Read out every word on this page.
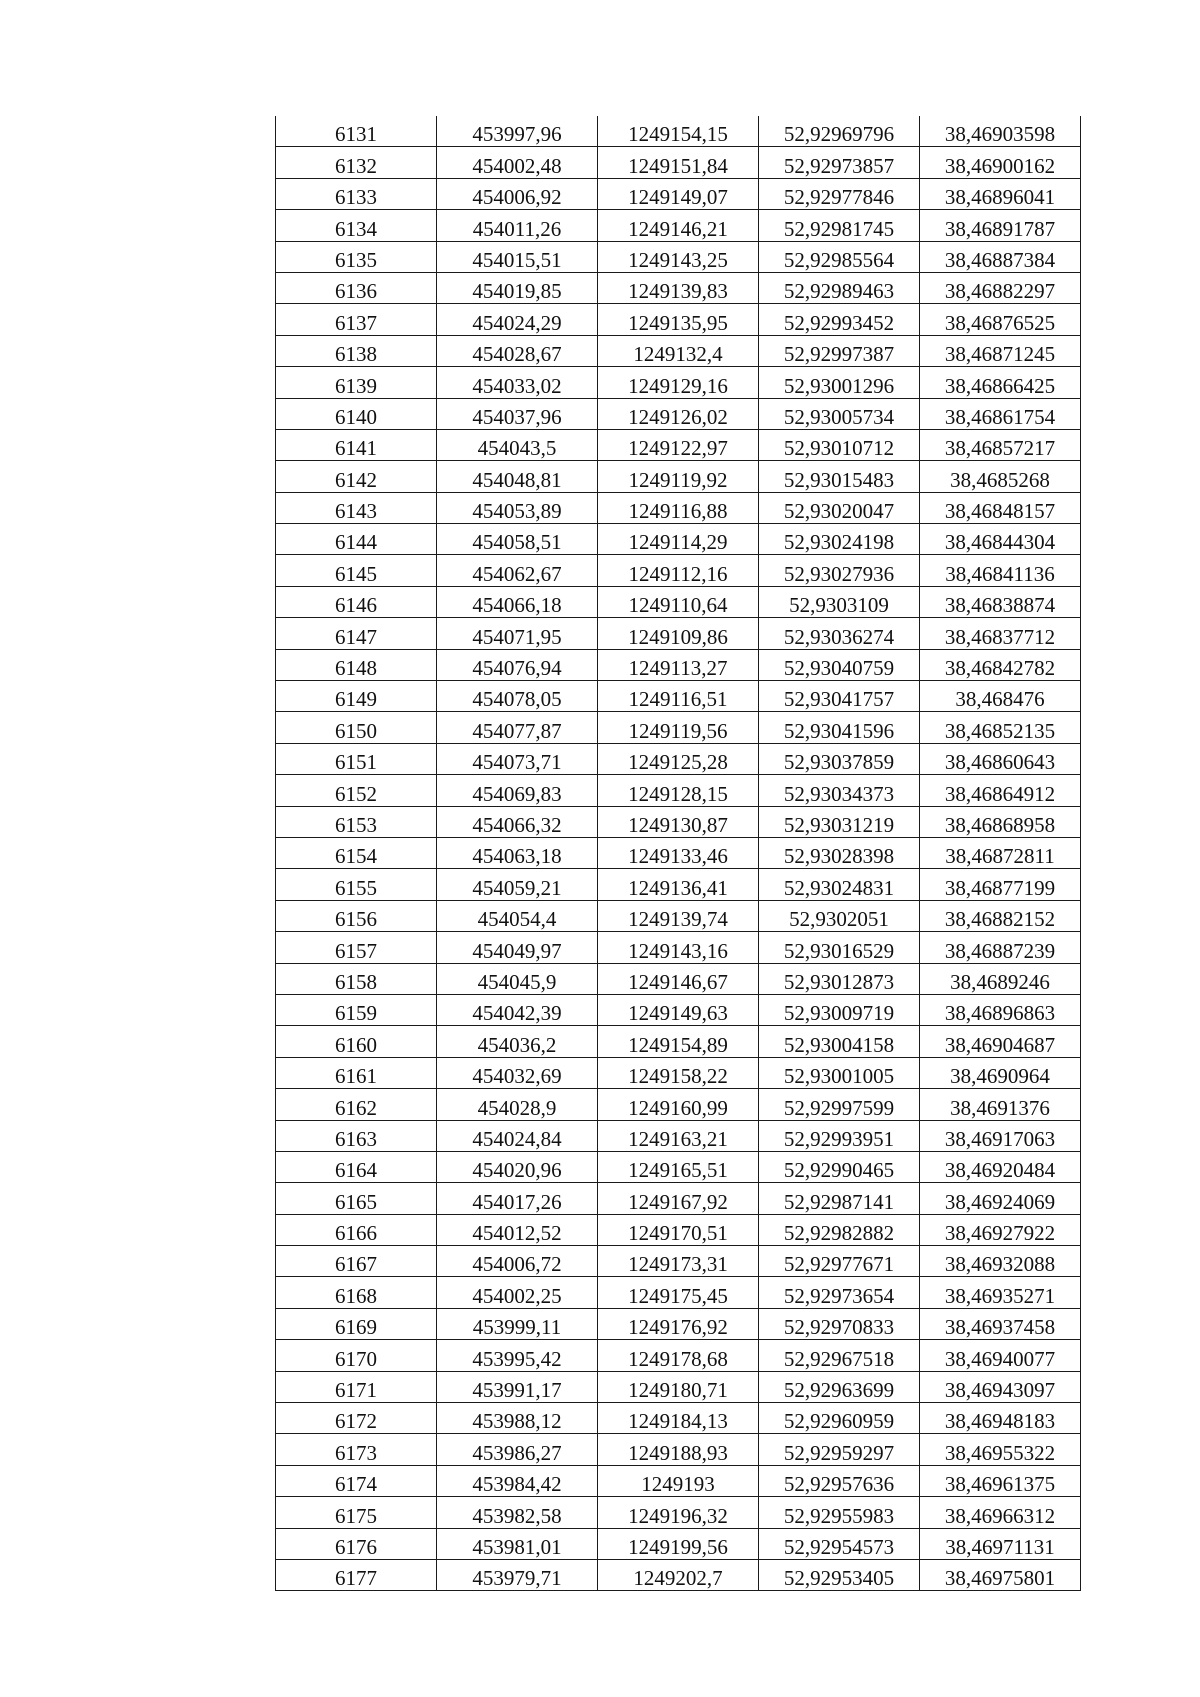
6131	453997,96	1249154,15	52,92969796	38,46903598
6132	454002,48	1249151,84	52,92973857	38,46900162
6133	454006,92	1249149,07	52,92977846	38,46896041
6134	454011,26	1249146,21	52,92981745	38,46891787
6135	454015,51	1249143,25	52,92985564	38,46887384
6136	454019,85	1249139,83	52,92989463	38,46882297
6137	454024,29	1249135,95	52,92993452	38,46876525
6138	454028,67	1249132,4	52,92997387	38,46871245
6139	454033,02	1249129,16	52,93001296	38,46866425
6140	454037,96	1249126,02	52,93005734	38,46861754
6141	454043,5	1249122,97	52,93010712	38,46857217
6142	454048,81	1249119,92	52,93015483	38,4685268
6143	454053,89	1249116,88	52,93020047	38,46848157
6144	454058,51	1249114,29	52,93024198	38,46844304
6145	454062,67	1249112,16	52,93027936	38,46841136
6146	454066,18	1249110,64	52,9303109	38,46838874
6147	454071,95	1249109,86	52,93036274	38,46837712
6148	454076,94	1249113,27	52,93040759	38,46842782
6149	454078,05	1249116,51	52,93041757	38,468476
6150	454077,87	1249119,56	52,93041596	38,46852135
6151	454073,71	1249125,28	52,93037859	38,46860643
6152	454069,83	1249128,15	52,93034373	38,46864912
6153	454066,32	1249130,87	52,93031219	38,46868958
6154	454063,18	1249133,46	52,93028398	38,46872811
6155	454059,21	1249136,41	52,93024831	38,46877199
6156	454054,4	1249139,74	52,9302051	38,46882152
6157	454049,97	1249143,16	52,93016529	38,46887239
6158	454045,9	1249146,67	52,93012873	38,4689246
6159	454042,39	1249149,63	52,93009719	38,46896863
6160	454036,2	1249154,89	52,93004158	38,46904687
6161	454032,69	1249158,22	52,93001005	38,4690964
6162	454028,9	1249160,99	52,92997599	38,4691376
6163	454024,84	1249163,21	52,92993951	38,46917063
6164	454020,96	1249165,51	52,92990465	38,46920484
6165	454017,26	1249167,92	52,92987141	38,46924069
6166	454012,52	1249170,51	52,92982882	38,46927922
6167	454006,72	1249173,31	52,92977671	38,46932088
6168	454002,25	1249175,45	52,92973654	38,46935271
6169	453999,11	1249176,92	52,92970833	38,46937458
6170	453995,42	1249178,68	52,92967518	38,46940077
6171	453991,17	1249180,71	52,92963699	38,46943097
6172	453988,12	1249184,13	52,92960959	38,46948183
6173	453986,27	1249188,93	52,92959297	38,46955322
6174	453984,42	1249193	52,92957636	38,46961375
6175	453982,58	1249196,32	52,92955983	38,46966312
6176	453981,01	1249199,56	52,92954573	38,46971131
6177	453979,71	1249202,7	52,92953405	38,46975801
